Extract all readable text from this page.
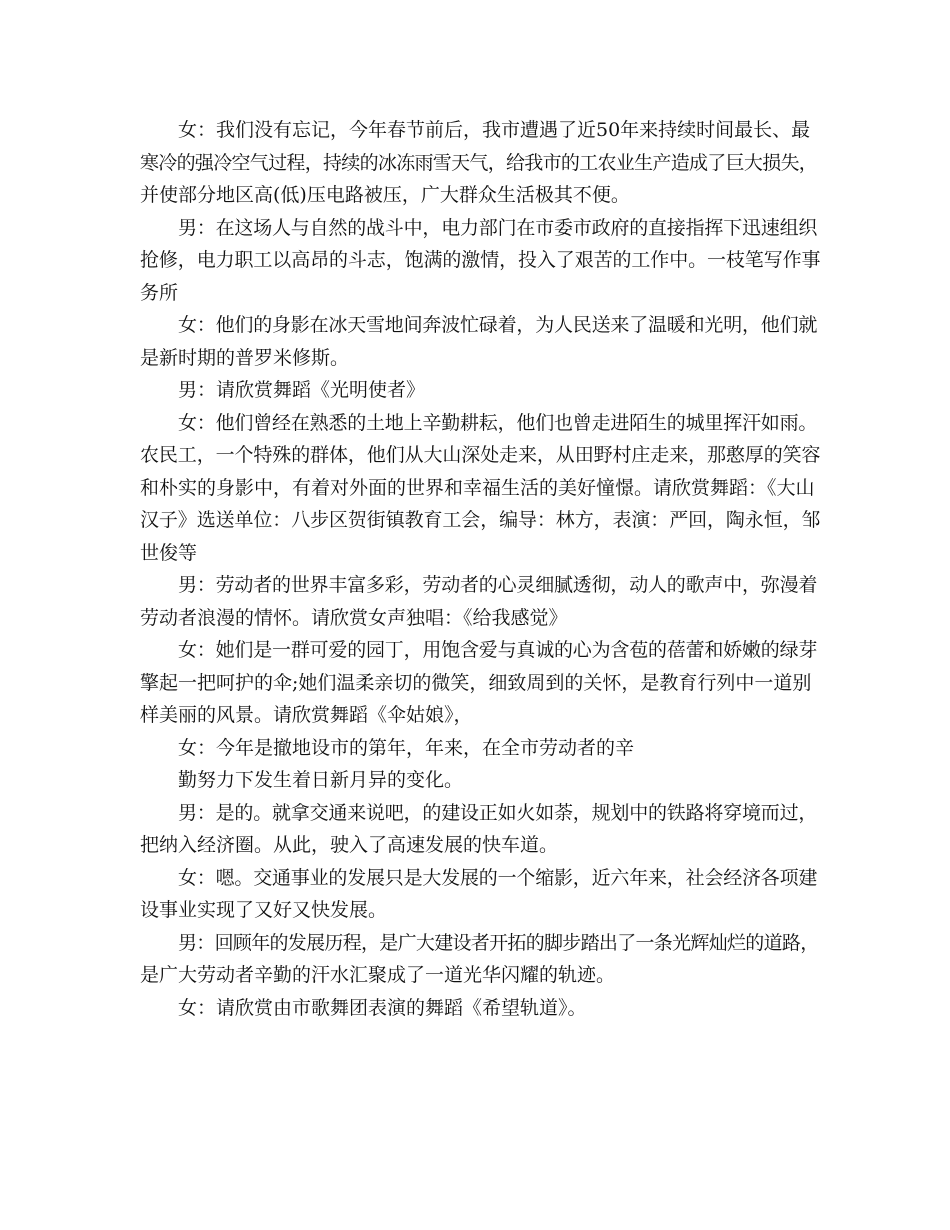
女：我们没有忘记，今年春节前后，我市遭遇了近50年来持续时间最长、最
寒冷的强冷空气过程，持续的冰冻雨雪天气，给我市的工农业生产造成了巨大损失，
并使部分地区高(低)压电路被压，广大群众生活极其不便。
男：在这场人与自然的战斗中，电力部门在市委市政府的直接指挥下迅速组织
抢修，电力职工以高昂的斗志，饱满的激情，投入了艰苦的工作中。一枝笔写作事
务所
女：他们的身影在冰天雪地间奔波忙碌着，为人民送来了温暖和光明，他们就
是新时期的普罗米修斯。
男：请欣赏舞蹈《光明使者》
女：他们曾经在熟悉的土地上辛勤耕耘，他们也曾走进陌生的城里挥汗如雨。
农民工，一个特殊的群体，他们从大山深处走来，从田野村庄走来，那憨厚的笑容
和朴实的身影中，有着对外面的世界和幸福生活的美好憧憬。请欣赏舞蹈：《大山
汉子》选送单位：八步区贺街镇教育工会，编导：林方，表演：严回，陶永恒，邹
世俊等
男：劳动者的世界丰富多彩，劳动者的心灵细腻透彻，动人的歌声中，弥漫着
劳动者浪漫的情怀。请欣赏女声独唱：《给我感觉》
女：她们是一群可爱的园丁，用饱含爱与真诚的心为含苞的蓓蕾和娇嫩的绿芽
擎起一把呵护的伞;她们温柔亲切的微笑，细致周到的关怀，是教育行列中一道别
样美丽的风景。请欣赏舞蹈《伞姑娘》，
女：今年是撤地设市的第年，年来，在全市劳动者的辛
勤努力下发生着日新月异的变化。
男：是的。就拿交通来说吧，的建设正如火如荼，规划中的铁路将穿境而过，
把纳入经济圈。从此，驶入了高速发展的快车道。
女：嗯。交通事业的发展只是大发展的一个缩影，近六年来，社会经济各项建
设事业实现了又好又快发展。
男：回顾年的发展历程，是广大建设者开拓的脚步踏出了一条光辉灿烂的道路，
是广大劳动者辛勤的汗水汇聚成了一道光华闪耀的轨迹。
女：请欣赏由市歌舞团表演的舞蹈《希望轨道》。
